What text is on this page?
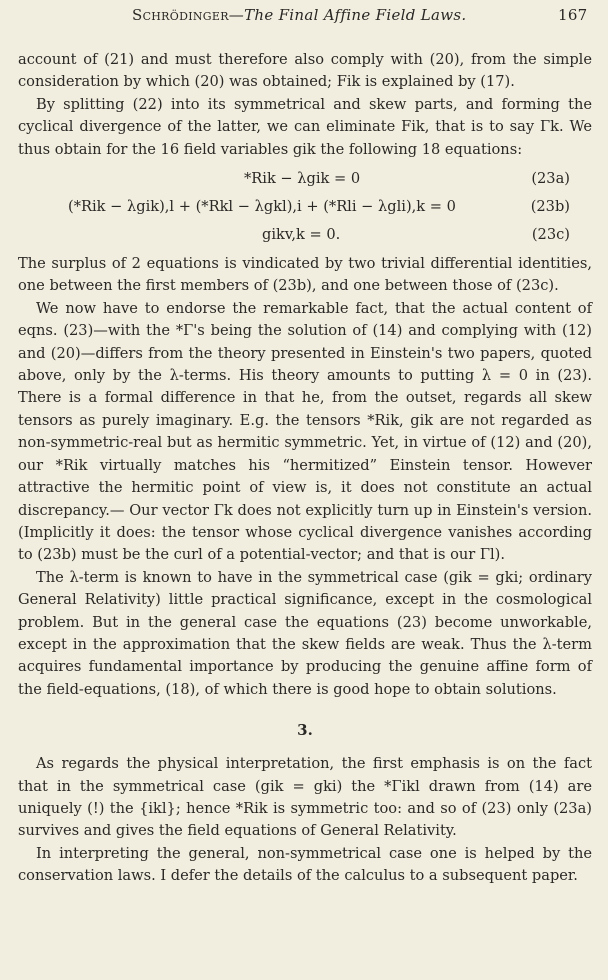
Schrödinger—The Final Affine Field Laws.	167

account of (21) and must therefore also comply with (20), from the simple consideration by which (20) was obtained; Fik is explained by (17).

By splitting (22) into its symmetrical and skew parts, and forming the cyclical divergence of the latter, we can eliminate Fik, that is to say Γk. We thus obtain for the 16 field variables gik the following 18 equations:

*Rik − λgik = 0	(23a)
(*Rik − λgik),l + (*Rkl − λgkl),i + (*Rli − λgli),k = 0	(23b)
gikv,k = 0.	(23c)

The surplus of 2 equations is vindicated by two trivial differential identities, one between the first members of (23b), and one between those of (23c).

We now have to endorse the remarkable fact, that the actual content of eqns. (23)—with the *Γ's being the solution of (14) and complying with (12) and (20)—differs from the theory presented in Einstein's two papers, quoted above, only by the λ-terms. His theory amounts to putting λ = 0 in (23). There is a formal difference in that he, from the outset, regards all skew tensors as purely imaginary. E.g. the tensors *Rik, gik are not regarded as non-symmetric-real but as hermitic symmetric. Yet, in virtue of (12) and (20), our *Rik virtually matches his “hermitized” Einstein tensor. However attractive the hermitic point of view is, it does not constitute an actual discrepancy.— Our vector Γk does not explicitly turn up in Einstein's version. (Implicitly it does: the tensor whose cyclical divergence vanishes according to (23b) must be the curl of a potential-vector; and that is our Γl).

The λ-term is known to have in the symmetrical case (gik = gki; ordinary General Relativity) little practical significance, except in the cosmological problem. But in the general case the equations (23) become unworkable, except in the approximation that the skew fields are weak. Thus the λ-term acquires fundamental importance by producing the genuine affine form of the field-equations, (18), of which there is good hope to obtain solutions.

3.

As regards the physical interpretation, the first emphasis is on the fact that in the symmetrical case (gik = gki) the *Γikl drawn from (14) are uniquely (!) the {ikl}; hence *Rik is symmetric too: and so of (23) only (23a) survives and gives the field equations of General Relativity.

In interpreting the general, non-symmetrical case one is helped by the conservation laws. I defer the details of the calculus to a subsequent paper.
